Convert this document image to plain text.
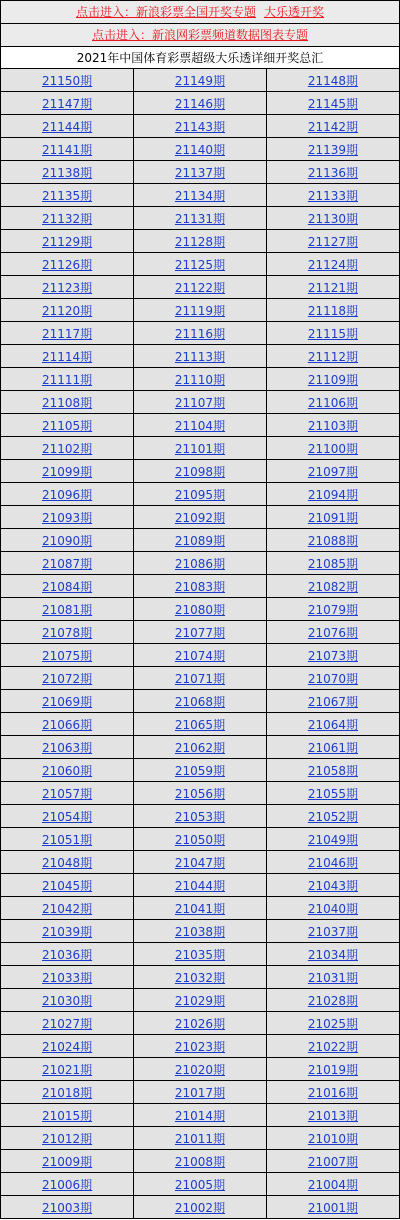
点击进入：新浪彩票全国开奖专题 大乐透开奖
点击进入：新浪网彩票频道数据图表专题
2021年中国体育彩票超级大乐透详细开奖总汇
21150期	21149期	21148期
21147期	21146期	21145期
21144期	21143期	21142期
21141期	21140期	21139期
21138期	21137期	21136期
21135期	21134期	21133期
21132期	21131期	21130期
21129期	21128期	21127期
21126期	21125期	21124期
21123期	21122期	21121期
21120期	21119期	21118期
21117期	21116期	21115期
21114期	21113期	21112期
21111期	21110期	21109期
21108期	21107期	21106期
21105期	21104期	21103期
21102期	21101期	21100期
21099期	21098期	21097期
21096期	21095期	21094期
21093期	21092期	21091期
21090期	21089期	21088期
21087期	21086期	21085期
21084期	21083期	21082期
21081期	21080期	21079期
21078期	21077期	21076期
21075期	21074期	21073期
21072期	21071期	21070期
21069期	21068期	21067期
21066期	21065期	21064期
21063期	21062期	21061期
21060期	21059期	21058期
21057期	21056期	21055期
21054期	21053期	21052期
21051期	21050期	21049期
21048期	21047期	21046期
21045期	21044期	21043期
21042期	21041期	21040期
21039期	21038期	21037期
21036期	21035期	21034期
21033期	21032期	21031期
21030期	21029期	21028期
21027期	21026期	21025期
21024期	21023期	21022期
21021期	21020期	21019期
21018期	21017期	21016期
21015期	21014期	21013期
21012期	21011期	21010期
21009期	21008期	21007期
21006期	21005期	21004期
21003期	21002期	21001期
